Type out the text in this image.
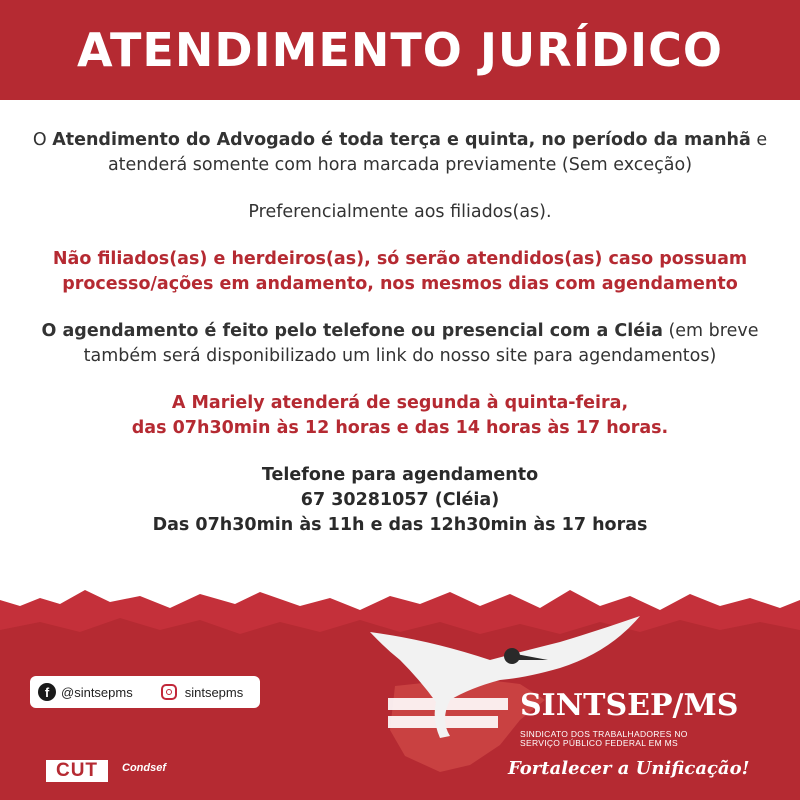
ATENDIMENTO JURÍDICO

O Atendimento do Advogado é toda terça e quinta, no período da manhã e atenderá somente com hora marcada previamente (Sem exceção)

Preferencialmente aos filiados(as).

Não filiados(as) e herdeiros(as), só serão atendidos(as) caso possuam processo/ações em andamento, nos mesmos dias com agendamento

O agendamento é feito pelo telefone ou presencial com a Cléia (em breve também será disponibilizado um link do nosso site para agendamentos)

A Mariely atenderá de segunda à quinta-feira,
das 07h30min às 12 horas e das 14 horas às 17 horas.

Telefone para agendamento
67 30281057 (Cléia)
Das 07h30min às 11h e das 12h30min às 17 horas

f @sintsepms	sintsepms
CUT	Condsef
SINTSEP/MS
SINDICATO DOS TRABALHADORES NO SERVIÇO PÚBLICO FEDERAL EM MS
Fortalecer a Unificação!
